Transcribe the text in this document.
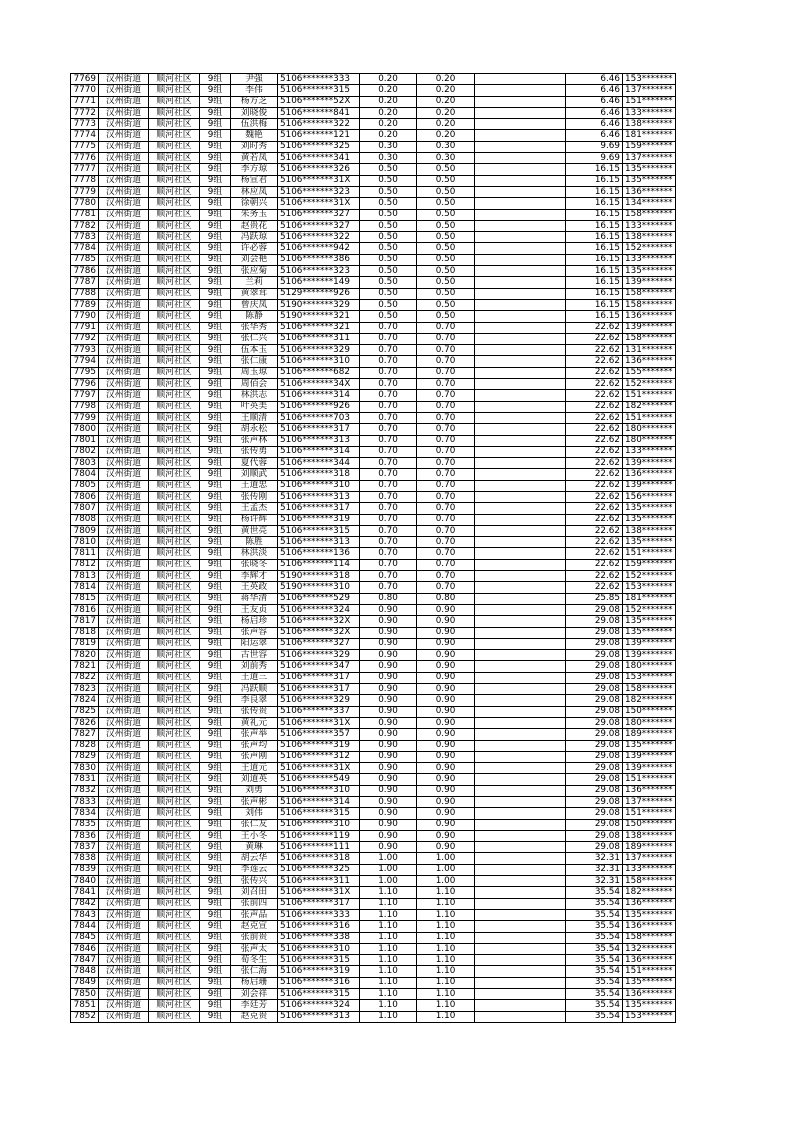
7769	汉州街道	顺河社区	9组	尹强	5106*******333	0.20	0.20		6.46	153*******
7770	汉州街道	顺河社区	9组	李伟	5106*******315	0.20	0.20		6.46	137*******
7771	汉州街道	顺河社区	9组	杨方芝	5106*******52X	0.20	0.20		6.46	151*******
7772	汉州街道	顺河社区	9组	刘晓俊	5106*******841	0.20	0.20		6.46	133*******
7773	汉州街道	顺河社区	9组	伍洪梅	5106*******322	0.20	0.20		6.46	138*******
7774	汉州街道	顺河社区	9组	魏艳	5106*******121	0.20	0.20		6.46	181*******
7775	汉州街道	顺河社区	9组	刘时秀	5106*******325	0.30	0.30		9.69	159*******
7776	汉州街道	顺河社区	9组	黄若凤	5106*******341	0.30	0.30		9.69	137*******
7777	汉州街道	顺河社区	9组	李方琼	5106*******326	0.50	0.50		16.15	135*******
7778	汉州街道	顺河社区	9组	杨宣君	5106*******31X	0.50	0.50		16.15	135*******
7779	汉州街道	顺河社区	9组	林应凤	5106*******323	0.50	0.50		16.15	136*******
7780	汉州街道	顺河社区	9组	徐朝兴	5106*******31X	0.50	0.50		16.15	134*******
7781	汉州街道	顺河社区	9组	朱务玉	5106*******327	0.50	0.50		16.15	158*******
7782	汉州街道	顺河社区	9组	赵贵花	5106*******327	0.50	0.50		16.15	133*******
7783	汉州街道	顺河社区	9组	冯跃琼	5106*******322	0.50	0.50		16.15	138*******
7784	汉州街道	顺河社区	9组	许必蓉	5106*******942	0.50	0.50		16.15	152*******
7785	汉州街道	顺河社区	9组	刘会艳	5106*******386	0.50	0.50		16.15	133*******
7786	汉州街道	顺河社区	9组	张应菊	5106*******323	0.50	0.50		16.15	135*******
7787	汉州街道	顺河社区	9组	兰莉	5106*******149	0.50	0.50		16.15	139*******
7788	汉州街道	顺河社区	9组	黄翠茸	5129*******926	0.50	0.50		16.15	158*******
7789	汉州街道	顺河社区	9组	曾庆凤	5190*******329	0.50	0.50		16.15	158*******
7790	汉州街道	顺河社区	9组	陈静	5190*******321	0.50	0.50		16.15	136*******
7791	汉州街道	顺河社区	9组	张华秀	5106*******321	0.70	0.70		22.62	139*******
7792	汉州街道	顺河社区	9组	张仁兴	5106*******311	0.70	0.70		22.62	158*******
7793	汉州街道	顺河社区	9组	伍本玉	5106*******329	0.70	0.70		22.62	131*******
7794	汉州街道	顺河社区	9组	张仁康	5106*******310	0.70	0.70		22.62	136*******
7795	汉州街道	顺河社区	9组	周玉琼	5106*******682	0.70	0.70		22.62	155*******
7796	汉州街道	顺河社区	9组	周佰会	5106*******34X	0.70	0.70		22.62	152*******
7797	汉州街道	顺河社区	9组	林洪志	5106*******314	0.70	0.70		22.62	151*******
7798	汉州街道	顺河社区	9组	叶英美	5106*******926	0.70	0.70		22.62	182*******
7799	汉州街道	顺河社区	9组	王顺清	5106*******703	0.70	0.70		22.62	151*******
7800	汉州街道	顺河社区	9组	胡永松	5106*******317	0.70	0.70		22.62	180*******
7801	汉州街道	顺河社区	9组	张声林	5106*******313	0.70	0.70		22.62	180*******
7802	汉州街道	顺河社区	9组	张传勇	5106*******314	0.70	0.70		22.62	133*******
7803	汉州街道	顺河社区	9组	夏代蓉	5106*******344	0.70	0.70		22.62	139*******
7804	汉州街道	顺河社区	9组	刘顺武	5106*******318	0.70	0.70		22.62	136*******
7805	汉州街道	顺河社区	9组	王道忠	5106*******310	0.70	0.70		22.62	139*******
7806	汉州街道	顺河社区	9组	张传刚	5106*******313	0.70	0.70		22.62	156*******
7807	汉州街道	顺河社区	9组	王孟杰	5106*******317	0.70	0.70		22.62	135*******
7808	汉州街道	顺河社区	9组	杨许辉	5106*******319	0.70	0.70		22.62	135*******
7809	汉州街道	顺河社区	9组	黄世亮	5106*******315	0.70	0.70		22.62	138*******
7810	汉州街道	顺河社区	9组	陈胜	5106*******313	0.70	0.70		22.62	135*******
7811	汉州街道	顺河社区	9组	林洪淡	5106*******136	0.70	0.70		22.62	151*******
7812	汉州街道	顺河社区	9组	张晓冬	5106*******114	0.70	0.70		22.62	159*******
7813	汉州街道	顺河社区	9组	李辉才	5190*******318	0.70	0.70		22.62	152*******
7814	汉州街道	顺河社区	9组	王英政	5190*******310	0.70	0.70		22.62	153*******
7815	汉州街道	顺河社区	9组	蒋华清	5106*******529	0.80	0.80		25.85	181*******
7816	汉州街道	顺河社区	9组	王友贞	5106*******324	0.90	0.90		29.08	152*******
7817	汉州街道	顺河社区	9组	杨启珍	5106*******32X	0.90	0.90		29.08	135*******
7818	汉州街道	顺河社区	9组	张声容	5106*******32X	0.90	0.90		29.08	135*******
7819	汉州街道	顺河社区	9组	阳运翠	5106*******327	0.90	0.90		29.08	139*******
7820	汉州街道	顺河社区	9组	古世容	5106*******329	0.90	0.90		29.08	139*******
7821	汉州街道	顺河社区	9组	刘前秀	5106*******347	0.90	0.90		29.08	180*******
7822	汉州街道	顺河社区	9组	王道三	5106*******317	0.90	0.90		29.08	153*******
7823	汉州街道	顺河社区	9组	冯跃顺	5106*******317	0.90	0.90		29.08	158*******
7824	汉州街道	顺河社区	9组	李良翠	5106*******329	0.90	0.90		29.08	182*******
7825	汉州街道	顺河社区	9组	张传贵	5106*******337	0.90	0.90		29.08	150*******
7826	汉州街道	顺河社区	9组	黄礼元	5106*******31X	0.90	0.90		29.08	180*******
7827	汉州街道	顺河社区	9组	张声举	5106*******357	0.90	0.90		29.08	189*******
7828	汉州街道	顺河社区	9组	张声均	5106*******319	0.90	0.90		29.08	135*******
7829	汉州街道	顺河社区	9组	张声刚	5106*******312	0.90	0.90		29.08	139*******
7830	汉州街道	顺河社区	9组	王道元	5106*******31X	0.90	0.90		29.08	139*******
7831	汉州街道	顺河社区	9组	刘道英	5106*******549	0.90	0.90		29.08	151*******
7832	汉州街道	顺河社区	9组	刘勇	5106*******310	0.90	0.90		29.08	136*******
7833	汉州街道	顺河社区	9组	张声彬	5106*******314	0.90	0.90		29.08	137*******
7834	汉州街道	顺河社区	9组	刘伟	5106*******315	0.90	0.90		29.08	151*******
7835	汉州街道	顺河社区	9组	张仁友	5106*******310	0.90	0.90		29.08	150*******
7836	汉州街道	顺河社区	9组	王小冬	5106*******119	0.90	0.90		29.08	138*******
7837	汉州街道	顺河社区	9组	黄琳	5106*******111	0.90	0.90		29.08	189*******
7838	汉州街道	顺河社区	9组	胡云华	5106*******318	1.00	1.00		32.31	137*******
7839	汉州街道	顺河社区	9组	李莲云	5106*******325	1.00	1.00		32.31	133*******
7840	汉州街道	顺河社区	9组	张传兴	5106*******311	1.00	1.00		32.31	158*******
7841	汉州街道	顺河社区	9组	刘召田	5106*******31X	1.10	1.10		35.54	182*******
7842	汉州街道	顺河社区	9组	张前四	5106*******317	1.10	1.10		35.54	136*******
7843	汉州街道	顺河社区	9组	张声品	5106*******333	1.10	1.10		35.54	135*******
7844	汉州街道	顺河社区	9组	赵克宣	5106*******316	1.10	1.10		35.54	136*******
7845	汉州街道	顺河社区	9组	张前贵	5106*******338	1.10	1.10		35.54	158*******
7846	汉州街道	顺河社区	9组	张声太	5106*******310	1.10	1.10		35.54	132*******
7847	汉州街道	顺河社区	9组	荀冬生	5106*******315	1.10	1.10		35.54	136*******
7848	汉州街道	顺河社区	9组	张仁海	5106*******319	1.10	1.10		35.54	151*******
7849	汉州街道	顺河社区	9组	杨启珊	5106*******316	1.10	1.10		35.54	135*******
7850	汉州街道	顺河社区	9组	刘会祥	5106*******315	1.10	1.10		35.54	136*******
7851	汉州街道	顺河社区	9组	李廷芳	5106*******324	1.10	1.10		35.54	135*******
7852	汉州街道	顺河社区	9组	赵克贵	5106*******313	1.10	1.10		35.54	153*******
